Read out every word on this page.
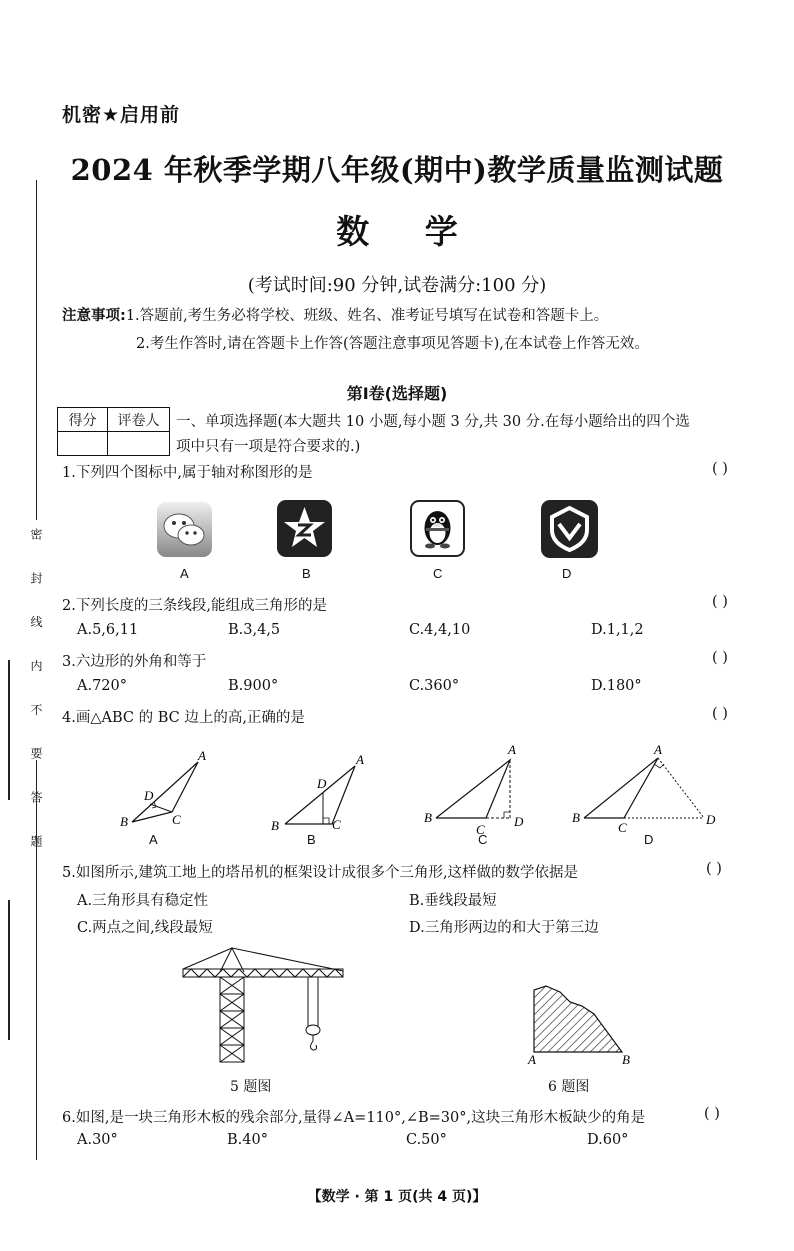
密 封 线 内 不 要 答 题
机密★启用前
2024 年秋季学期八年级(期中)教学质量监测试题
数 学
(考试时间:90 分钟,试卷满分:100 分)
注意事项:1.答题前,考生务必将学校、班级、姓名、准考证号填写在试卷和答题卡上。
2.考生作答时,请在答题卡上作答(答题注意事项见答题卡),在本试卷上作答无效。
第Ⅰ卷(选择题)
得分	评卷人
	一、单项选择题(本大题共 10 小题,每小题 3 分,共 30 分.在每小题给出的四个选
项中只有一项是符合要求的.)
1.下列四个图标中,属于轴对称图形的是	( )
A	B	C	D
2.下列长度的三条线段,能组成三角形的是	( )
A.5,6,11	B.3,4,5	C.4,4,10	D.1,1,2
3.六边形的外角和等于	( )
A.720°	B.900°	C.360°	D.180°
4.画△ABC 的 BC 边上的高,正确的是	( )
B	C
A
D
B	C
A
D
B
C
D
A
B
C
D
A
A	B	C	D
5.如图所示,建筑工地上的塔吊机的框架设计成很多个三角形,这样做的数学依据是	( )
A.三角形具有稳定性	B.垂线段最短
C.两点之间,线段最短	D.三角形两边的和大于第三边
5 题图
A	B
6 题图
6.如图,是一块三角形木板的残余部分,量得∠A=110°,∠B=30°,这块三角形木板缺少的角是	( )
A.30°	B.40°	C.50°	D.60°
【数学 · 第 1 页(共 4 页)】
